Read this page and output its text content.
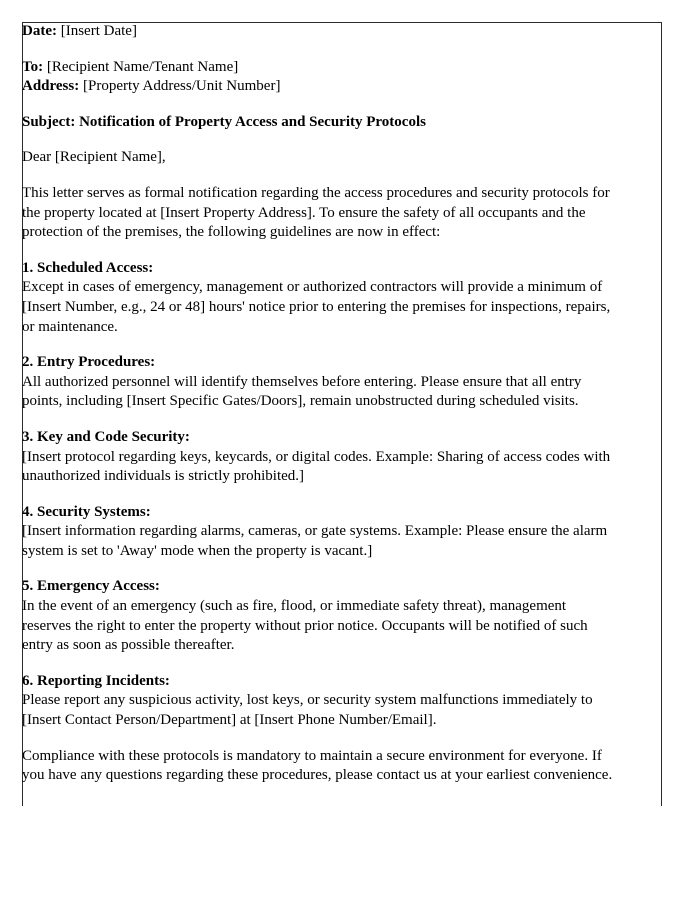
Date: [Insert Date]
To: [Recipient Name/Tenant Name]
Address: [Property Address/Unit Number]
Subject: Notification of Property Access and Security Protocols
Dear [Recipient Name],
This letter serves as formal notification regarding the access procedures and security protocols for the property located at [Insert Property Address]. To ensure the safety of all occupants and the protection of the premises, the following guidelines are now in effect:
1. Scheduled Access:
Except in cases of emergency, management or authorized contractors will provide a minimum of [Insert Number, e.g., 24 or 48] hours' notice prior to entering the premises for inspections, repairs, or maintenance.
2. Entry Procedures:
All authorized personnel will identify themselves before entering. Please ensure that all entry points, including [Insert Specific Gates/Doors], remain unobstructed during scheduled visits.
3. Key and Code Security:
[Insert protocol regarding keys, keycards, or digital codes. Example: Sharing of access codes with unauthorized individuals is strictly prohibited.]
4. Security Systems:
[Insert information regarding alarms, cameras, or gate systems. Example: Please ensure the alarm system is set to 'Away' mode when the property is vacant.]
5. Emergency Access:
In the event of an emergency (such as fire, flood, or immediate safety threat), management reserves the right to enter the property without prior notice. Occupants will be notified of such entry as soon as possible thereafter.
6. Reporting Incidents:
Please report any suspicious activity, lost keys, or security system malfunctions immediately to [Insert Contact Person/Department] at [Insert Phone Number/Email].
Compliance with these protocols is mandatory to maintain a secure environment for everyone. If you have any questions regarding these procedures, please contact us at your earliest convenience.
